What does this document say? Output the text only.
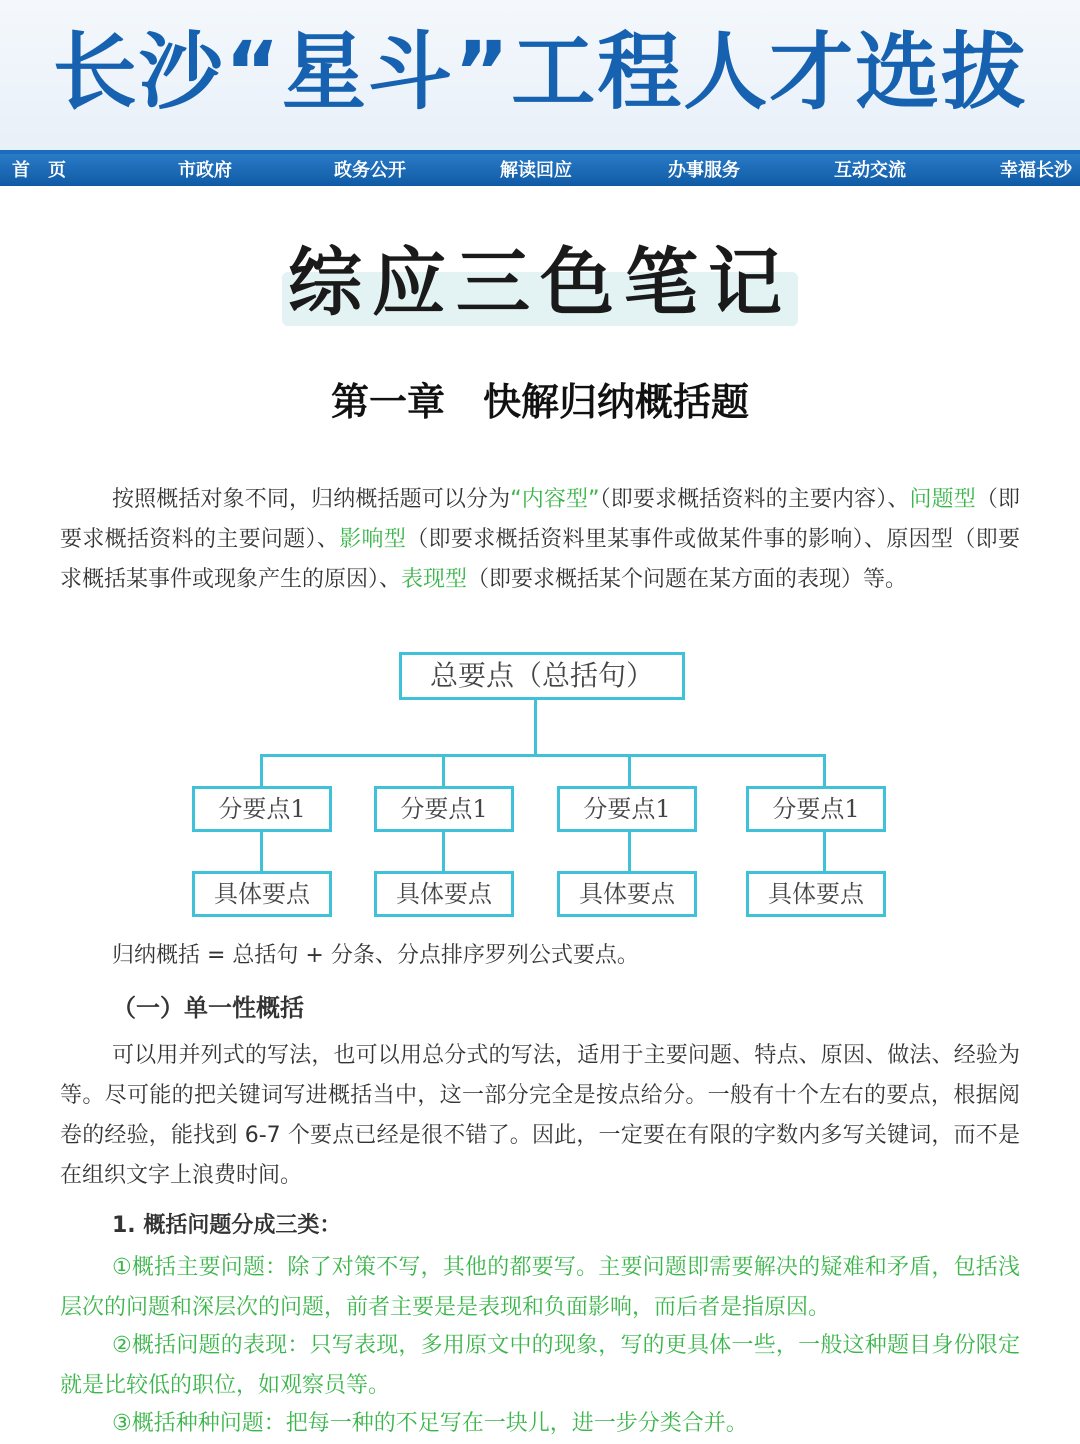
长沙“星斗”工程人才选拔
首　页	市政府	政务公开	解读回应	办事服务	互动交流	幸福长沙
综应三色笔记
第一章　快解归纳概括题

按照概括对象不同，归纳概括题可以分为“内容型”（即要求概括资料的主要内容）、问题型（即要求概括资料的主要问题）、影响型（即要求概括资料里某事件或做某件事的影响）、原因型（即要求概括某事件或现象产生的原因）、表现型（即要求概括某个问题在某方面的表现）等。

总要点（总括句）
分要点1	分要点1	分要点1	分要点1
具体要点	具体要点	具体要点	具体要点
归纳概括 = 总括句 + 分条、分点排序罗列公式要点。
（一）单一性概括

可以用并列式的写法，也可以用总分式的写法，适用于主要问题、特点、原因、做法、经验为等。尽可能的把关键词写进概括当中，这一部分完全是按点给分。一般有十个左右的要点，根据阅卷的经验，能找到 6-7 个要点已经是很不错了。因此，一定要在有限的字数内多写关键词，而不是在组织文字上浪费时间。

1. 概括问题分成三类：

①概括主要问题：除了对策不写，其他的都要写。主要问题即需要解决的疑难和矛盾，包括浅层次的问题和深层次的问题，前者主要是是表现和负面影响，而后者是指原因。

②概括问题的表现：只写表现，多用原文中的现象，写的更具体一些，一般这种题目身份限定就是比较低的职位，如观察员等。

③概括种种问题：把每一种的不足写在一块儿，进一步分类合并。
